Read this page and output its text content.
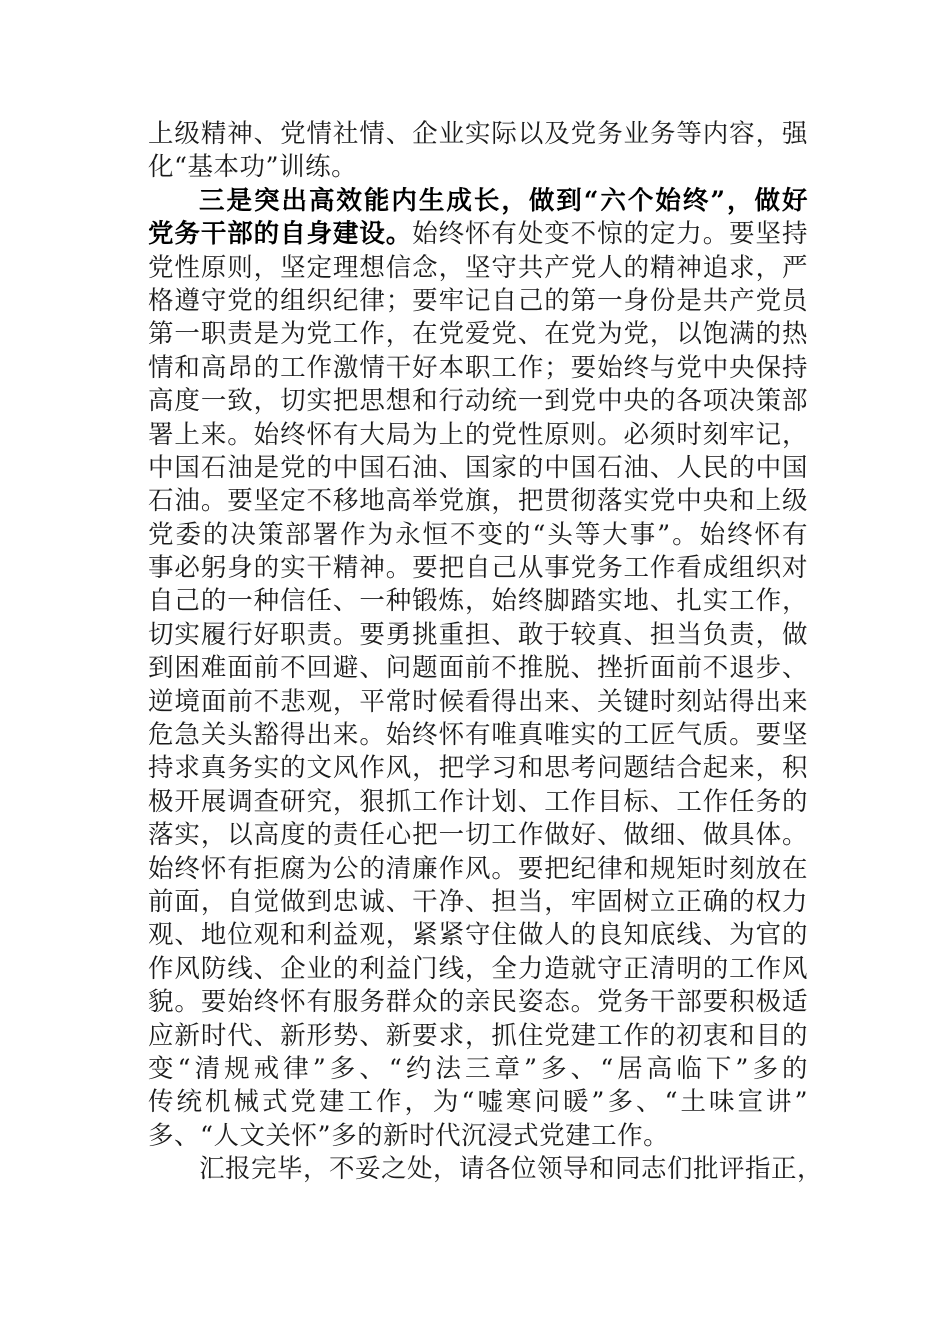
上级精神、党情社情、企业实际以及党务业务等内容，强
化“基本功”训练。
三是突出高效能内生成长，做到“六个始终”，做好
党务干部的自身建设。始终怀有处变不惊的定力。要坚持
党性原则，坚定理想信念，坚守共产党人的精神追求，严
格遵守党的组织纪律；要牢记自己的第一身份是共产党员
第一职责是为党工作，在党爱党、在党为党，以饱满的热
情和高昂的工作激情干好本职工作；要始终与党中央保持
高度一致，切实把思想和行动统一到党中央的各项决策部
署上来。始终怀有大局为上的党性原则。必须时刻牢记，
中国石油是党的中国石油、国家的中国石油、人民的中国
石油。要坚定不移地高举党旗，把贯彻落实党中央和上级
党委的决策部署作为永恒不变的“头等大事”。始终怀有
事必躬身的实干精神。要把自己从事党务工作看成组织对
自己的一种信任、一种锻炼，始终脚踏实地、扎实工作，
切实履行好职责。要勇挑重担、敢于较真、担当负责，做
到困难面前不回避、问题面前不推脱、挫折面前不退步、
逆境面前不悲观，平常时候看得出来、关键时刻站得出来
危急关头豁得出来。始终怀有唯真唯实的工匠气质。要坚
持求真务实的文风作风，把学习和思考问题结合起来，积
极开展调查研究，狠抓工作计划、工作目标、工作任务的
落实，以高度的责任心把一切工作做好、做细、做具体。
始终怀有拒腐为公的清廉作风。要把纪律和规矩时刻放在
前面，自觉做到忠诚、干净、担当，牢固树立正确的权力
观、地位观和利益观，紧紧守住做人的良知底线、为官的
作风防线、企业的利益门线，全力造就守正清明的工作风
貌。要始终怀有服务群众的亲民姿态。党务干部要积极适
应新时代、新形势、新要求，抓住党建工作的初衷和目的
变“清规戒律”多、“约法三章”多、“居高临下”多的
传统机械式党建工作，为“嘘寒问暖”多、“土味宣讲”
多、“人文关怀”多的新时代沉浸式党建工作。
汇报完毕，不妥之处，请各位领导和同志们批评指正，
